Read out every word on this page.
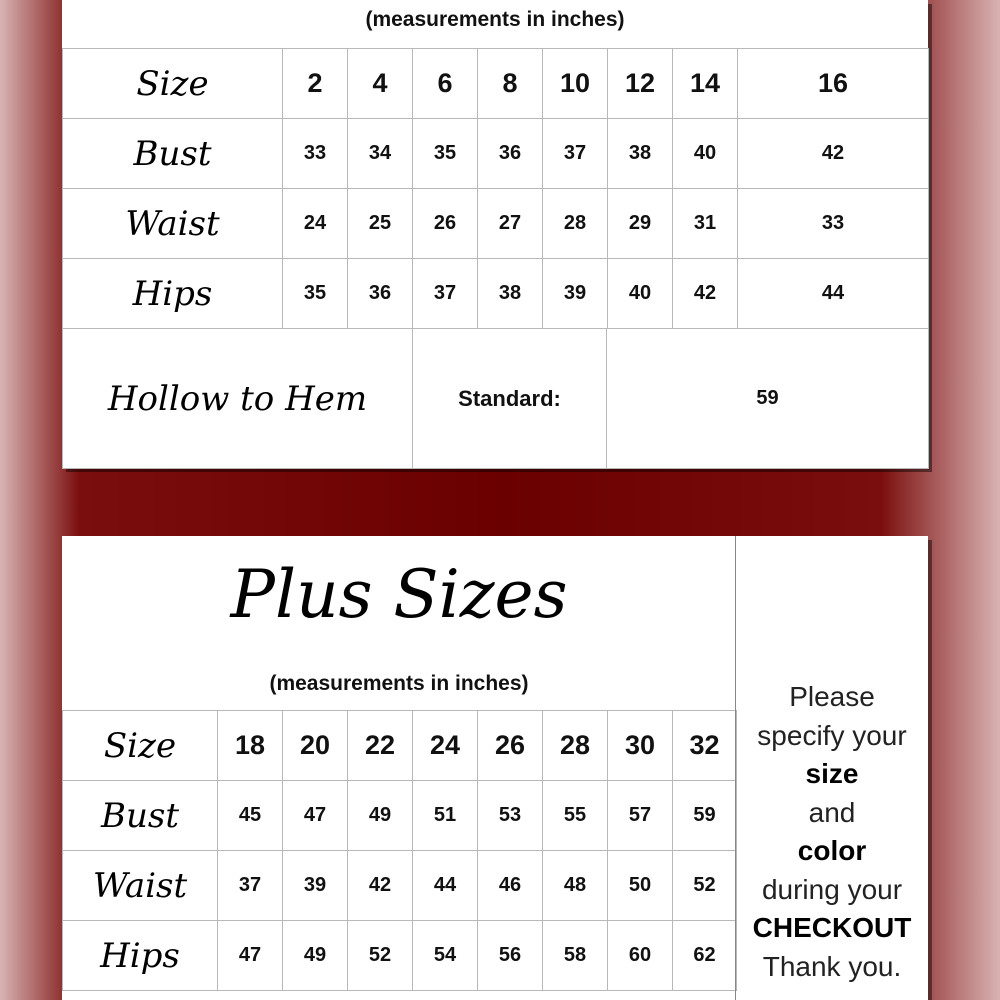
(measurements in inches)
Size	2	4	6	8	10	12	14	16
Bust	33	34	35	36	37	38	40	42
Waist	24	25	26	27	28	29	31	33
Hips	35	36	37	38	39	40	42	44
Hollow to Hem	Standard:	59
Plus Sizes
(measurements in inches)
Size	18	20	22	24	26	28	30	32
Bust	45	47	49	51	53	55	57	59
Waist	37	39	42	44	46	48	50	52
Hips	47	49	52	54	56	58	60	62
Please
specify your
size
and
color
during your
CHECKOUT
Thank you.
